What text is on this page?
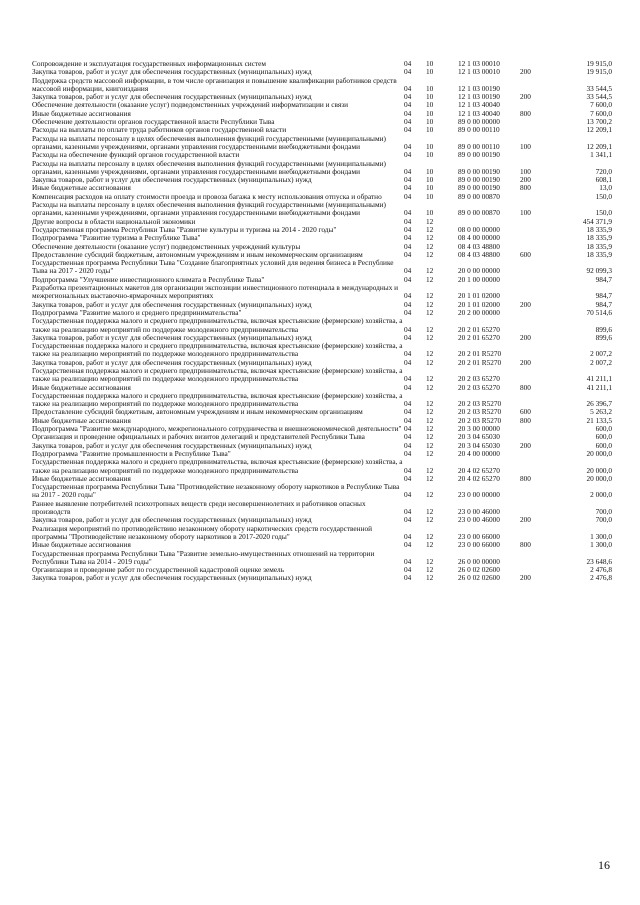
Сопровождение и эксплуатация государственных информационных систем	04	10	12 1 03 00010		19 915,0
Закупка товаров, работ и услуг для обеспечения государственных (муниципальных) нужд	04	10	12 1 03 00010	200	19 915,0
Поддержка средств массовой информации, в том числе организация и повышение квалификации работников средств массовой информации, книгоиздания	04	10	12 1 03 00190		33 544,5
Закупка товаров, работ и услуг для обеспечения государственных (муниципальных) нужд	04	10	12 1 03 00190	200	33 544,5
Обеспечение деятельности (оказание услуг) подведомственных учреждений информатизации и связи	04	10	12 1 03 40040		7 600,0
Иные бюджетные ассигнования	04	10	12 1 03 40040	800	7 600,0
Обеспечение деятельности органов государственной власти Республики Тыва	04	10	89 0 00 00000		13 700,2
Расходы на выплаты по оплате труда работников органов государственной власти	04	10	89 0 00 00110		12 209,1
Расходы на выплаты персоналу в целях обеспечения выполнения функций государственными (муниципальными) органами, казенными учреждениями, органами управления государственными внебюджетными фондами	04	10	89 0 00 00110	100	12 209,1
Расходы на обеспечение функций органов государственной власти	04	10	89 0 00 00190		1 341,1
Расходы на выплаты персоналу в целях обеспечения выполнения функций государственными (муниципальными) органами, казенными учреждениями, органами управления государственными внебюджетными фондами	04	10	89 0 00 00190	100	720,0
Закупка товаров, работ и услуг для обеспечения государственных (муниципальных) нужд	04	10	89 0 00 00190	200	608,1
Иные бюджетные ассигнования	04	10	89 0 00 00190	800	13,0
Компенсация расходов на оплату стоимости проезда и провоза багажа к месту использования отпуска и обратно	04	10	89 0 00 00870		150,0
Расходы на выплаты персоналу в целях обеспечения выполнения функций государственными (муниципальными) органами, казенными учреждениями, органами управления государственными внебюджетными фондами	04	10	89 0 00 00870	100	150,0
Другие вопросы в области национальной экономики	04	12			454 371,9
Государственная программа Республики Тыва "Развитие культуры и туризма на 2014 - 2020 годы"	04	12	08 0 00 00000		18 335,9
Подпрограмма "Развитие туризма в Республике Тыва"	04	12	08 4 00 00000		18 335,9
Обеспечение деятельности (оказание услуг) подведомственных учреждений культуры	04	12	08 4 03 48800		18 335,9
Предоставление субсидий бюджетным, автономным учреждениям и иным некоммерческим организациям	04	12	08 4 03 48800	600	18 335,9
Государственная программа Республики Тыва "Создание благоприятных условий для ведения бизнеса в Республике Тыва на 2017 - 2020 годы"	04	12	20 0 00 00000		92 099,3
Подпрограмма "Улучшение инвестиционного климата в Республике Тыва"	04	12	20 1 00 00000		984,7
Разработка презентационных макетов для организации экспозиции инвестиционного потенциала в международных и межрегиональных выставочно-ярмарочных мероприятиях	04	12	20 1 01 02000		984,7
Закупка товаров, работ и услуг для обеспечения государственных (муниципальных) нужд	04	12	20 1 01 02000	200	984,7
Подпрограмма "Развитие малого и среднего предпринимательства"	04	12	20 2 00 00000		70 514,6
Государственная поддержка малого и среднего предпринимательства, включая крестьянские (фермерские) хозяйства, а также на реализацию мероприятий по поддержке молодежного предпринимательства	04	12	20 2 01 65270		899,6
Закупка товаров, работ и услуг для обеспечения государственных (муниципальных) нужд	04	12	20 2 01 65270	200	899,6
Государственная поддержка малого и среднего предпринимательства, включая крестьянские (фермерские) хозяйства, а также на реализацию мероприятий по поддержке молодежного предпринимательства	04	12	20 2 01 R5270		2 007,2
Закупка товаров, работ и услуг для обеспечения государственных (муниципальных) нужд	04	12	20 2 01 R5270	200	2 007,2
Государственная поддержка малого и среднего предпринимательства, включая крестьянские (фермерские) хозяйства, а также на реализацию мероприятий по поддержке молодежного предпринимательства	04	12	20 2 03 65270		41 211,1
Иные бюджетные ассигнования	04	12	20 2 03 65270	800	41 211,1
Государственная поддержка малого и среднего предпринимательства, включая крестьянские (фермерские) хозяйства, а также на реализацию мероприятий по поддержке молодежного предпринимательства	04	12	20 2 03 R5270		26 396,7
Предоставление субсидий бюджетным, автономным учреждениям и иным некоммерческим организациям	04	12	20 2 03 R5270	600	5 263,2
Иные бюджетные ассигнования	04	12	20 2 03 R5270	800	21 133,5
Подпрограмма "Развитие международного, межрегионального сотрудничества и внешнеэкономической деятельности"	04	12	20 3 00 00000		600,0
Организация и проведение официальных и рабочих визитов делегаций и представителей Республики Тыва	04	12	20 3 04 65030		600,0
Закупка товаров, работ и услуг для обеспечения государственных (муниципальных) нужд	04	12	20 3 04 65030	200	600,0
Подпрограмма "Развитие промышленности в Республике Тыва"	04	12	20 4 00 00000		20 000,0
Государственная поддержка малого и среднего предпринимательства, включая крестьянские (фермерские) хозяйства, а также на реализацию мероприятий по поддержке молодежного предпринимательства	04	12	20 4 02 65270		20 000,0
Иные бюджетные ассигнования	04	12	20 4 02 65270	800	20 000,0
Государственная программа Республики Тыва "Противодействие незаконному обороту наркотиков в Республике Тыва на 2017 - 2020 годы"	04	12	23 0 00 00000		2 000,0
Раннее выявление потребителей психотропных веществ среди несовершеннолетних и работников опасных производств	04	12	23 0 00 46000		700,0
Закупка товаров, работ и услуг для обеспечения государственных (муниципальных) нужд	04	12	23 0 00 46000	200	700,0
Реализация мероприятий по противодействию незаконному обороту наркотических средств государственной программы "Противодействие незаконному обороту наркотиков в 2017-2020 годы"	04	12	23 0 00 66000		1 300,0
Иные бюджетные ассигнования	04	12	23 0 00 66000	800	1 300,0
Государственная программа Республики Тыва "Развитие земельно-имущественных отношений на территории Республики Тыва на 2014 - 2019 годы"	04	12	26 0 00 00000		23 648,6
Организация и проведение работ по государственной кадастровой оценке земель	04	12	26 0 02 02600		2 476,8
Закупка товаров, работ и услуг для обеспечения государственных (муниципальных) нужд	04	12	26 0 02 02600	200	2 476,8
16
